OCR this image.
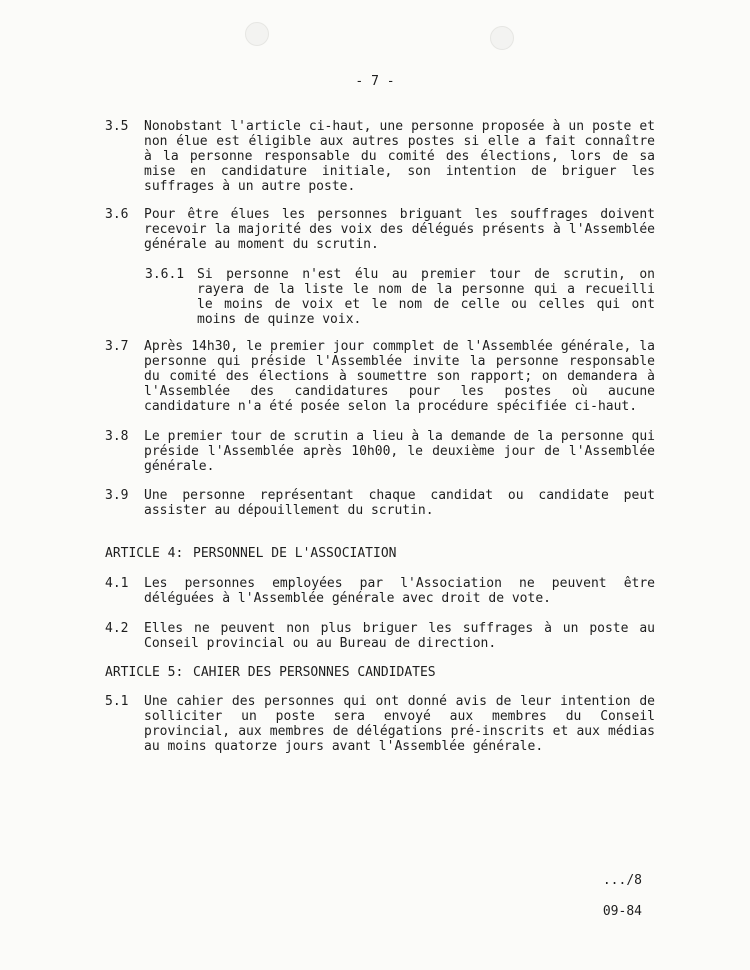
- 7 -
3.5 Nonobstant l'article ci-haut, une personne proposée à un poste et non élue est éligible aux autres postes si elle a fait connaître à la personne responsable du comité des élections, lors de sa mise en candidature initiale, son intention de briguer les suffrages à un autre poste.
3.6 Pour être élues les personnes briguant les souffrages doivent recevoir la majorité des voix des délégués présents à l'Assemblée générale au moment du scrutin.
3.6.1 Si personne n'est élu au premier tour de scrutin, on rayera de la liste le nom de la personne qui a recueilli le moins de voix et le nom de celle ou celles qui ont moins de quinze voix.
3.7 Après 14h30, le premier jour commplet de l'Assemblée générale, la personne qui préside l'Assemblée invite la personne responsable du comité des élections à soumettre son rapport; on demandera à l'Assemblée des candidatures pour les postes où aucune candidature n'a été posée selon la procédure spécifiée ci-haut.
3.8 Le premier tour de scrutin a lieu à la demande de la personne qui préside l'Assemblée après 10h00, le deuxième jour de l'Assemblée générale.
3.9 Une personne représentant chaque candidat ou candidate peut assister au dépouillement du scrutin.
ARTICLE 4: PERSONNEL DE L'ASSOCIATION
4.1 Les personnes employées par l'Association ne peuvent être déléguées à l'Assemblée générale avec droit de vote.
4.2 Elles ne peuvent non plus briguer les suffrages à un poste au Conseil provincial ou au Bureau de direction.
ARTICLE 5: CAHIER DES PERSONNES CANDIDATES
5.1 Une cahier des personnes qui ont donné avis de leur intention de solliciter un poste sera envoyé aux membres du Conseil provincial, aux membres de délégations pré-inscrits et aux médias au moins quatorze jours avant l'Assemblée générale.
.../8
09-84
